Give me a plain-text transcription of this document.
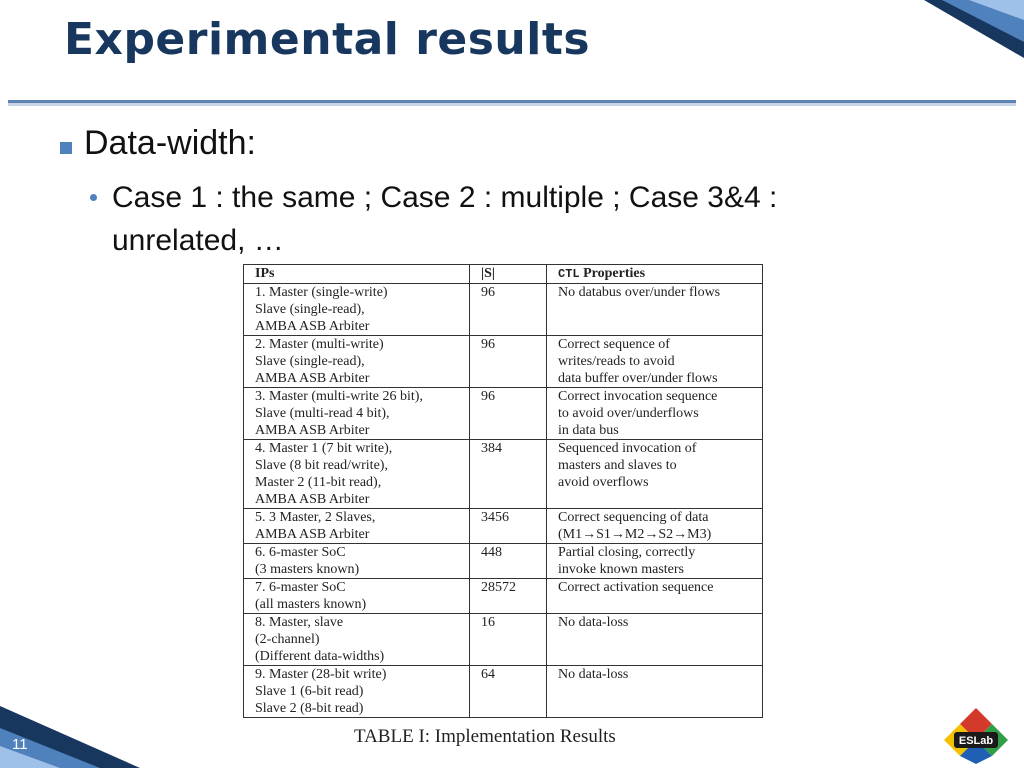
Experimental results
Data-width:
Case 1 : the same ; Case 2 : multiple ; Case 3&4 : unrelated, …
IPs	|S|	CTL Properties
1. Master (single-write)
Slave (single-read),
AMBA ASB Arbiter	96	No databus over/under flows
2. Master (multi-write)
Slave (single-read),
AMBA ASB Arbiter	96	Correct sequence of
writes/reads to avoid
data buffer over/under flows
3. Master (multi-write 26 bit),
Slave (multi-read 4 bit),
AMBA ASB Arbiter	96	Correct invocation sequence
to avoid over/underflows
in data bus
4. Master 1 (7 bit write),
Slave (8 bit read/write),
Master 2 (11-bit read),
AMBA ASB Arbiter	384	Sequenced invocation of
masters and slaves to
avoid overflows
5. 3 Master, 2 Slaves,
AMBA ASB Arbiter	3456	Correct sequencing of data
(M1→S1→M2→S2→M3)
6. 6-master SoC
(3 masters known)	448	Partial closing, correctly
invoke known masters
7. 6-master SoC
(all masters known)	28572	Correct activation sequence
8. Master, slave
(2-channel)
(Different data-widths)	16	No data-loss
9. Master (28-bit write)
Slave 1 (6-bit read)
Slave 2 (8-bit read)	64	No data-loss
TABLE I: Implementation Results
11	ESLab
